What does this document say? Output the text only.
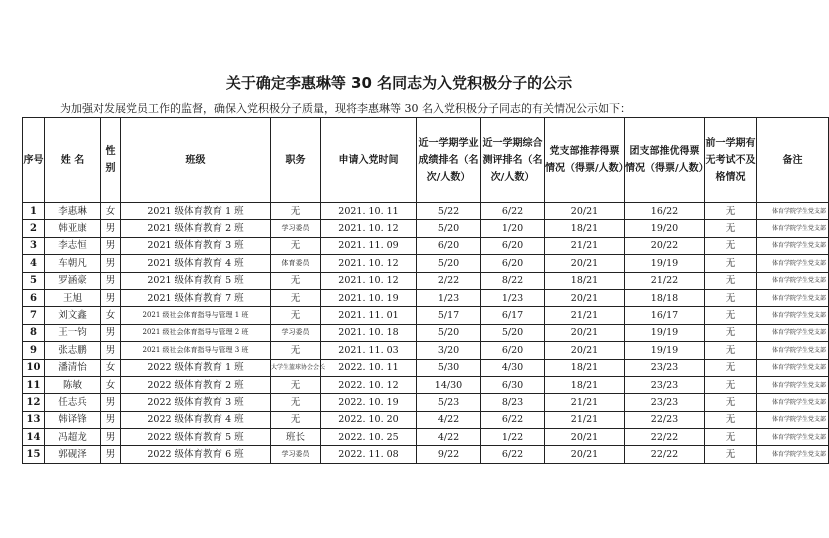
关于确定李惠琳等 30 名同志为入党积极分子的公示
为加强对发展党员工作的监督，确保入党积极分子质量，现将李惠琳等 30 名入党积极分子同志的有关情况公示如下：
序号	姓 名	性别	班级	职务	申请入党时间	近一学期学业成绩排名（名次/人数）	近一学期综合测评排名（名次/人数）	党支部推荐得票情况（得票/人数）	团支部推优得票情况（得票/人数）	前一学期有无考试不及格情况	备注
1	李惠琳	女	2021 级体育教育 1 班	无	2021. 10. 11	5/22	6/22	20/21	16/22	无	体育学院学生党支部
2	韩亚康	男	2021 级体育教育 2 班	学习委员	2021. 10. 12	5/20	1/20	18/21	19/20	无	体育学院学生党支部
3	李志恒	男	2021 级体育教育 3 班	无	2021. 11. 09	6/20	6/20	21/21	20/22	无	体育学院学生党支部
4	车朝凡	男	2021 级体育教育 4 班	体育委员	2021. 10. 12	5/20	6/20	20/21	19/19	无	体育学院学生党支部
5	罗涵豪	男	2021 级体育教育 5 班	无	2021. 10. 12	2/22	8/22	18/21	21/22	无	体育学院学生党支部
6	王旭	男	2021 级体育教育 7 班	无	2021. 10. 19	1/23	1/23	20/21	18/18	无	体育学院学生党支部
7	刘文鑫	女	2021 级社会体育指导与管理 1 班	无	2021. 11. 01	5/17	6/17	21/21	16/17	无	体育学院学生党支部
8	王一钧	男	2021 级社会体育指导与管理 2 班	学习委员	2021. 10. 18	5/20	5/20	20/21	19/19	无	体育学院学生党支部
9	张志鹏	男	2021 级社会体育指导与管理 3 班	无	2021. 11. 03	3/20	6/20	20/21	19/19	无	体育学院学生党支部
10	潘清怡	女	2022 级体育教育 1 班	大学生篮球协会会长	2022. 10. 11	5/30	4/30	18/21	23/23	无	体育学院学生党支部
11	陈敏	女	2022 级体育教育 2 班	无	2022. 10. 12	14/30	6/30	18/21	23/23	无	体育学院学生党支部
12	任志兵	男	2022 级体育教育 3 班	无	2022. 10. 19	5/23	8/23	21/21	23/23	无	体育学院学生党支部
13	韩译锋	男	2022 级体育教育 4 班	无	2022. 10. 20	4/22	6/22	21/21	22/23	无	体育学院学生党支部
14	冯超龙	男	2022 级体育教育 5 班	班长	2022. 10. 25	4/22	1/22	20/21	22/22	无	体育学院学生党支部
15	郭砚泽	男	2022 级体育教育 6 班	学习委员	2022. 11. 08	9/22	6/22	20/21	22/22	无	体育学院学生党支部
